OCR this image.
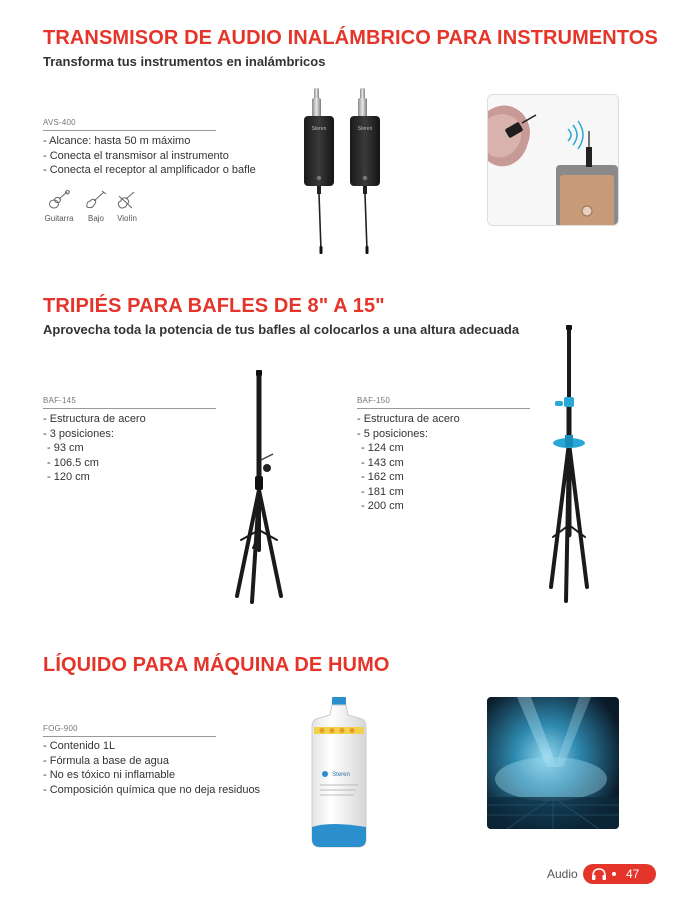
TRANSMISOR DE AUDIO INALÁMBRICO PARA INSTRUMENTOS
Transforma tus instrumentos en inalámbricos
AVS-400
- Alcance: hasta 50 m máximo
- Conecta el transmisor al instrumento
- Conecta el receptor al amplificador o bafle
Guitarra	Bajo	Violín
Steren	Steren
TRIPIÉS PARA BAFLES DE 8" A 15"
Aprovecha toda la potencia de tus bafles al colocarlos a una altura adecuada
BAF-145
- Estructura de acero
- 3 posiciones:
- 93 cm
- 106.5 cm
- 120 cm
BAF-150
- Estructura de acero
- 5 posiciones:
- 124 cm
- 143 cm
- 162 cm
- 181 cm
- 200 cm
LÍQUIDO PARA MÁQUINA DE HUMO
FOG-900
- Contenido 1L
- Fórmula a base de agua
- No es tóxico ni inflamable
- Composición química que no deja residuos
Steren
Audio	47
